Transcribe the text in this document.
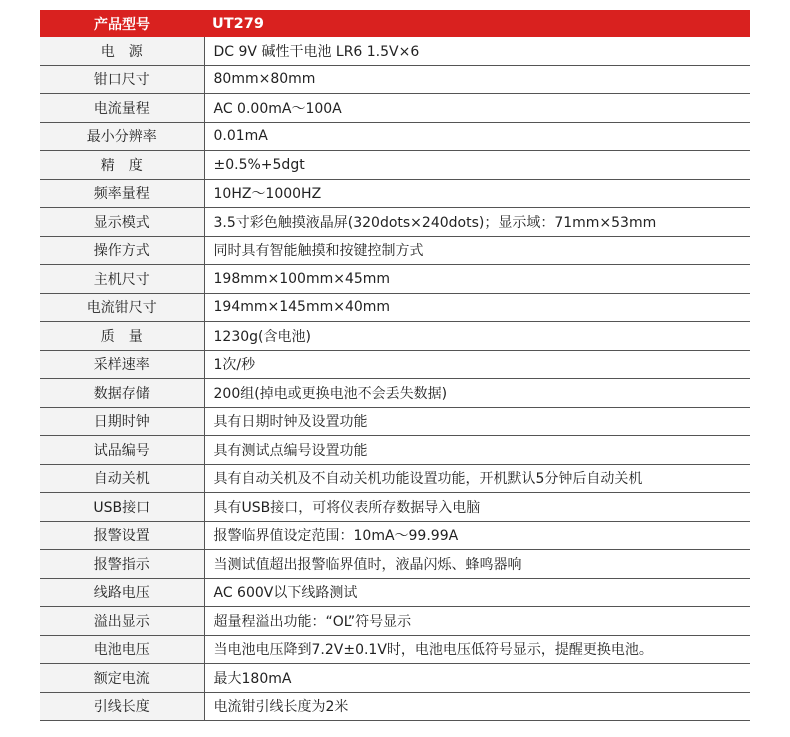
产品型号	UT279
电　源	DC 9V 碱性干电池 LR6 1.5V×6
钳口尺寸	80mm×80mm
电流量程	AC 0.00mA～100A
最小分辨率	0.01mA
精　度	±0.5%+5dgt
频率量程	10HZ～1000HZ
显示模式	3.5寸彩色触摸液晶屏(320dots×240dots)；显示域：71mm×53mm
操作方式	同时具有智能触摸和按键控制方式
主机尺寸	198mm×100mm×45mm
电流钳尺寸	194mm×145mm×40mm
质　量	1230g(含电池)
采样速率	1次/秒
数据存储	200组(掉电或更换电池不会丢失数据)
日期时钟	具有日期时钟及设置功能
试品编号	具有测试点编号设置功能
自动关机	具有自动关机及不自动关机功能设置功能，开机默认5分钟后自动关机
USB接口	具有USB接口，可将仪表所存数据导入电脑
报警设置	报警临界值设定范围：10mA～99.99A
报警指示	当测试值超出报警临界值时，液晶闪烁、蜂鸣器响
线路电压	AC 600V以下线路测试
溢出显示	超量程溢出功能：“OL”符号显示
电池电压	当电池电压降到7.2V±0.1V时，电池电压低符号显示，提醒更换电池。
额定电流	最大180mA
引线长度	电流钳引线长度为2米
